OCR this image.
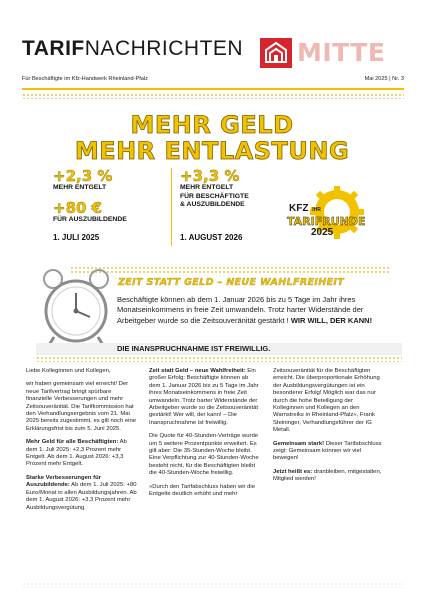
TARIFNACHRICHTEN MITTE
Für Beschäftigte im Kfz-Handwerk Rheinland-Pfalz	Mai 2025 | Nr. 3
MEHR GELD
MEHR ENTLASTUNG
+2,3 %
MEHR ENTGELT
+80 €
FÜR AUSZUBILDENDE
+3,3 %
MEHR ENTGELT
FÜR BESCHÄFTIGTE
& AUSZUBILDENDE
1. JULI 2025	1. AUGUST 2026
KFZ IHR
TARIFRUNDE
2025
ZEIT STATT GELD – NEUE WAHLFREIHEIT
Beschäftigte können ab dem 1. Januar 2026 bis zu 5 Tage im Jahr ihres Monatseinkommens in freie Zeit umwandeln. Trotz harter Widerstände der Arbeitgeber wurde so die Zeitsouveränität gestärkt ! WIR WILL, DER KANN!
DIE INANSPRUCHNAHME IST FREIWILLIG.

Liebe Kolleginnen und Kollegen,

wir haben gemeinsam viel erreicht! Der neue Tarifvertrag bringt spürbare finanzielle Verbesserungen und mehr Zeitsouveränität. Die Tarifkommission hat den Verhandlungsergebnis vom 21. Mai 2025 bereits zugestimmt, es gilt noch eine Erklärungsfrist bis zum 5. Juni 2025.

Mehr Geld für alle Beschäftigten: Ab dem 1. Juli 2025: +2,3 Prozent mehr Entgelt. Ab dem 1. August 2026: +3,3 Prozent mehr Entgelt.

Starke Verbesserungen für Auszubildende: Ab dem 1. Juli 2025: +80 Euro/Monat in allen Ausbildungsjahren. Ab dem 1. August 2026: +3,3 Prozent mehr Ausbildungsvergütung.

Zeit statt Geld – neue Wahlfreiheit: Ein großer Erfolg: Beschäftigte können ab dem 1. Januar 2026 bis zu 5 Tage im Jahr ihres Monatseinkommens in freie Zeit umwandeln. Trotz harter Widerstände der Arbeitgeber wurde so die Zeitsouveränität gestärkt! Wer will, der kann! – Die Inanspruchnahme ist freiwillig.

Die Quote für 40-Stunden-Verträge wurde um 5 weitere Prozentpunkte erweitert. Es gilt aber: Die 35-Stunden-Woche bleibt. Eine Verpflichtung zur 40-Stunden-Woche besteht nicht, für die Beschäftigten bleibt die 40-Stunden-Woche freiwillig.

»Durch den Tarifabschluss haben wir die Entgelte deutlich erhöht und mehr

Zeitsouveränität für die Beschäftigten erreicht. Die überproportionale Erhöhung der Ausbildungsvergütungen ist ein besonderer Erfolg! Möglich war das nur durch die hohe Beteiligung der Kolleginnen und Kollegen an den Warnstreiks in Rheinland-Pfalz«, Frank Steininger, Verhandlungsführer der IG Metall.

Gemeinsam stark! Dieser Tarifabschluss zeigt: Gemeinsam können wir viel bewegen!

Jetzt heißt es: dranbleiben, mitgestalten, Mitglied werden!
